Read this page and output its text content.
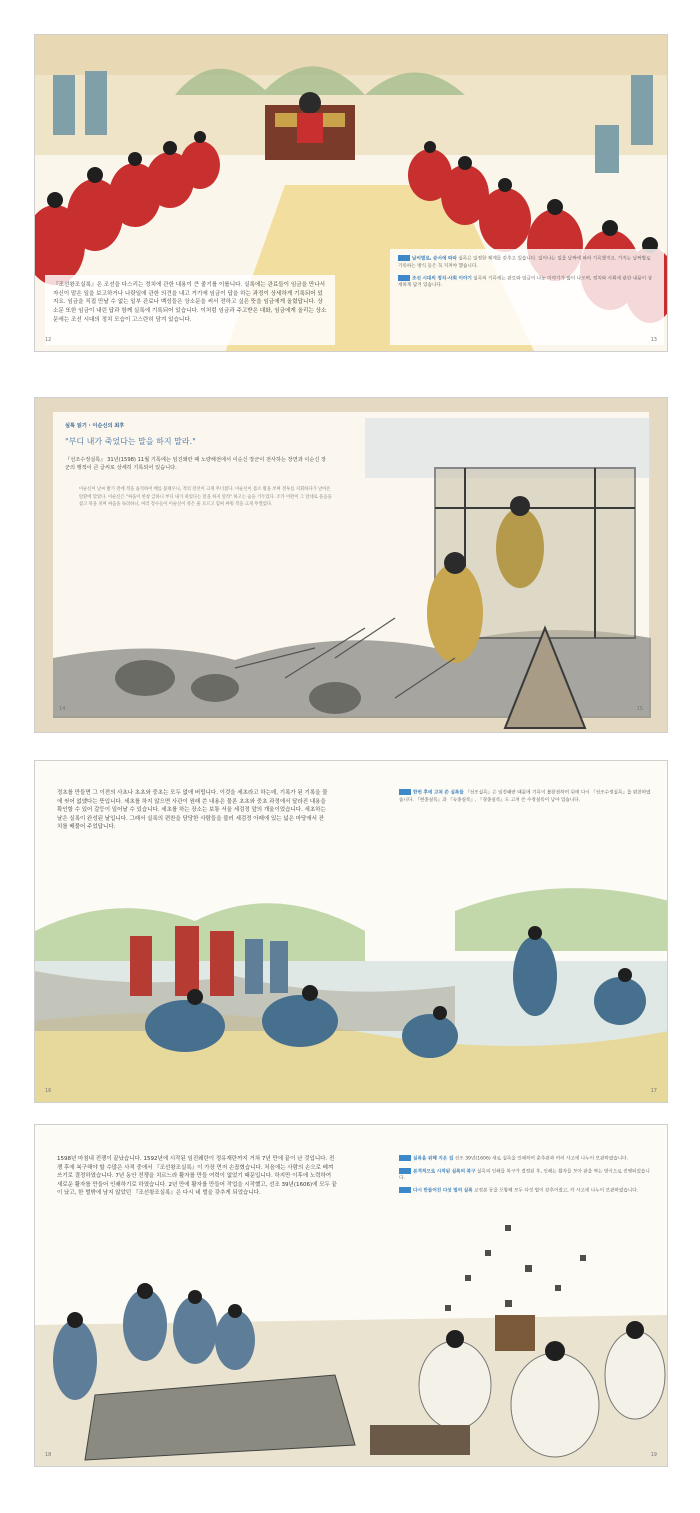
『조선왕조실록』은 조선을 다스리는 정치에 관한 내용이 큰 줄기를 이룹니다. 실록에는 관료들이 임금을 만나서 자신이 맡은 일을 보고하거나 나랏일에 관한 의견을 내고 거기에 임금이 답을 하는 과정이 상세하게 기록되어 있지요. 임금을 직접 만날 수 없는 일부 관료나 백성들은 상소문을 써서 전하고 싶은 뜻을 임금에게 올렸답니다. 상소문 또한 임금이 내린 답과 함께 실록에 기록되어 있습니다. 이처럼 임금과 주고받은 대화, 임금에게 올리는 상소문에는 조선 시대의 정치 모습이 고스란히 담겨 있습니다.

날씨별로, 순서에 따라 실록은 일정한 체계를 갖추고 있습니다. 일어나는 일을 날짜에 따라 기록했지요. 가지는 날짜별로 기록하는 방식 등은 꼭 지켜야 했습니다.

조선 시대의 정치·사회 이야기 실록의 기록에는 관료와 임금이 나눈 이야기가 많이 나오며, 정치와 사회에 관한 내용이 상세하게 담겨 있습니다.

12	13
실록 읽기 · 이순신의 최후
"부디 내가 죽었다는 말을 하지 말라."
『선조수정실록』 31년(1598) 11월 기록에는 임진왜란 때 노량해전에서 이순신 장군이 전사하는 장면과 이순신 장군의 행적이 큰 글씨로 상세히 기록되어 있습니다.
이순신이 날씨 밝기 전에 적을 습격하여 배를 불태우니, 적의 전선이 크게 무너졌다. 이순신이 몸소 활을 쏘며 전투를 지휘하다가 날아온 탄환에 맞았다. 이순신은 "싸움이 한창 급하니 부디 내가 죽었다는 말을 하지 말라" 하고는 숨을 거두었다. 조카 이완이 그 말대로 울음을 참고 북을 치며 싸움을 독려하니, 여러 장수들이 이순신이 죽은 줄 모르고 힘써 싸워 적을 크게 무찔렀다.
14	15
정초를 만들면 그 이전의 사초나 초초와 중초는 모두 없애 버립니다. 이것을 세초라고 하는데, 기록가 된 기록을 물에 씻어 없앴다는 뜻입니다. 세초를 하지 않으면 사관이 원래 쓴 내용은 물론 초초와 중초 과정에서 달라진 내용을 확인할 수 있어 갈등이 일어날 수 있습니다. 세초를 하는 장소는 보통 서울 세검정 앞의 개울이었습니다. 세초하는 날은 실록이 완성된 날입니다. 그래서 실록의 편찬을 담당한 사람들을 불러 세검정 아래에 있는 넓은 마당에서 잔치를 베풀어 주었답니다.

한번 후에 고쳐 쓴 실록들 『선조실록』은 임진왜란 때문에 기록이 불완전하여 뒤에 다시 『선조수정실록』을 편찬하였습니다. 『현종실록』과 『숙종실록』, 『경종실록』도 고쳐 쓴 수정실록이 남아 있습니다.

16	17
1598년 마침내 전쟁이 끝났습니다. 1592년에 시작된 임진왜란이 정유재란까지 거쳐 7년 만에 끝이 난 것입니다. 전쟁 후에 복구해야 할 수많은 사적 중에서 『조선왕조실록』이 가장 먼저 손꼽혔습니다. 처음에는 사람의 손으로 베껴 쓰기로 결정하였습니다. 7년 동안 전쟁을 치르느라 활자를 만들 여력이 없었기 때문입니다. 하지만 이후에 노력하여 새로운 활자를 만들어 인쇄하기로 하였습니다. 2년 만에 활자를 만들어 작업을 시작했고, 선조 39년(1606)에 모두 끝이 났고, 한 벌밖에 남지 않았던 『조선왕조실록』은 다시 네 벌을 갖추게 되었습니다.

실록을 위해 지은 집 선조 39년(1606) 새로 실록을 인쇄하여 춘추관과 여러 사고에 나누어 보관하였습니다.

본격적으로 시작된 실록의 복구 실록의 인쇄를 복구가 결정된 후, 인쇄는 활자를 모아 판을 짜는 방식으로 진행되었습니다.

다시 만들어진 다섯 벌의 실록 교정본 등을 포함해 모두 다섯 벌이 갖추어졌고, 각 사고에 나누어 보관하였습니다.

18	19
